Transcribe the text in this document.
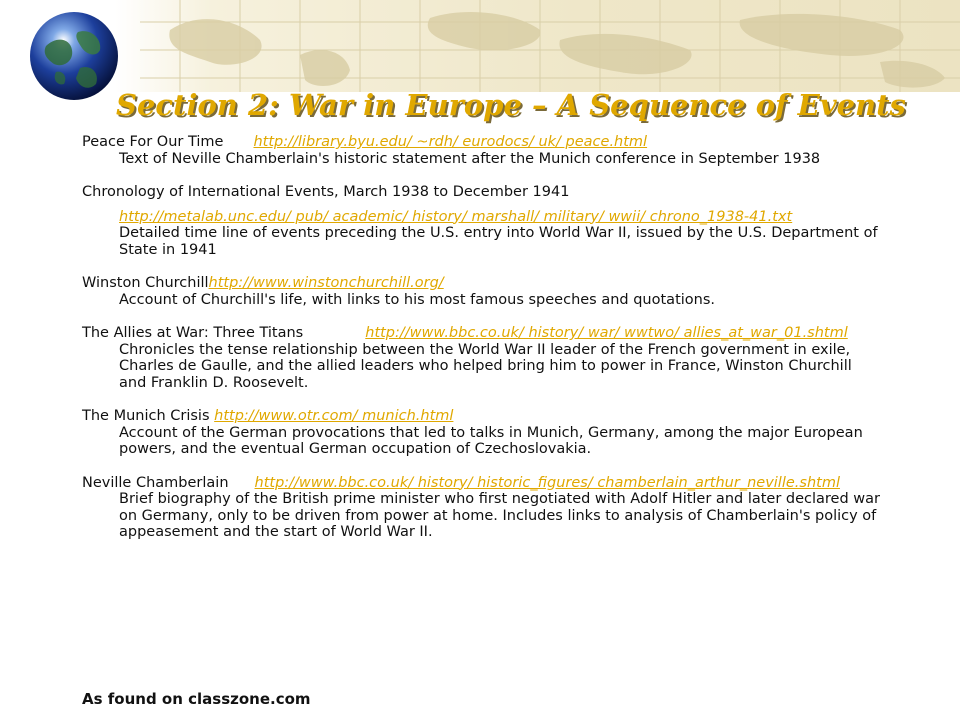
Section 2: War in Europe – A Sequence of Events
Peace For Our Time http://library.byu.edu/ ~rdh/ eurodocs/ uk/ peace.html
Text of Neville Chamberlain's historic statement after the Munich conference in September 1938
Chronology of International Events, March 1938 to December 1941
http://metalab.unc.edu/ pub/ academic/ history/ marshall/ military/ wwii/ chrono_1938-41.txt
Detailed time line of events preceding the U.S. entry into World War II, issued by the U.S. Department of State in 1941
Winston Churchillhttp://www.winstonchurchill.org/
Account of Churchill's life, with links to his most famous speeches and quotations.
The Allies at War: Three Titans	http://www.bbc.co.uk/ history/ war/ wwtwo/ allies_at_war_01.shtml
Chronicles the tense relationship between the World War II leader of the French government in exile, Charles de Gaulle, and the allied leaders who helped bring him to power in France, Winston Churchill and Franklin D. Roosevelt.
The Munich Crisis http://www.otr.com/ munich.html
Account of the German provocations that led to talks in Munich, Germany, among the major European powers, and the eventual German occupation of Czechoslovakia.
Neville Chamberlain http://www.bbc.co.uk/ history/ historic_figures/ chamberlain_arthur_neville.shtml
Brief biography of the British prime minister who first negotiated with Adolf Hitler and later declared war on Germany, only to be driven from power at home. Includes links to analysis of Chamberlain's policy of appeasement and the start of World War II.
As found on classzone.com
